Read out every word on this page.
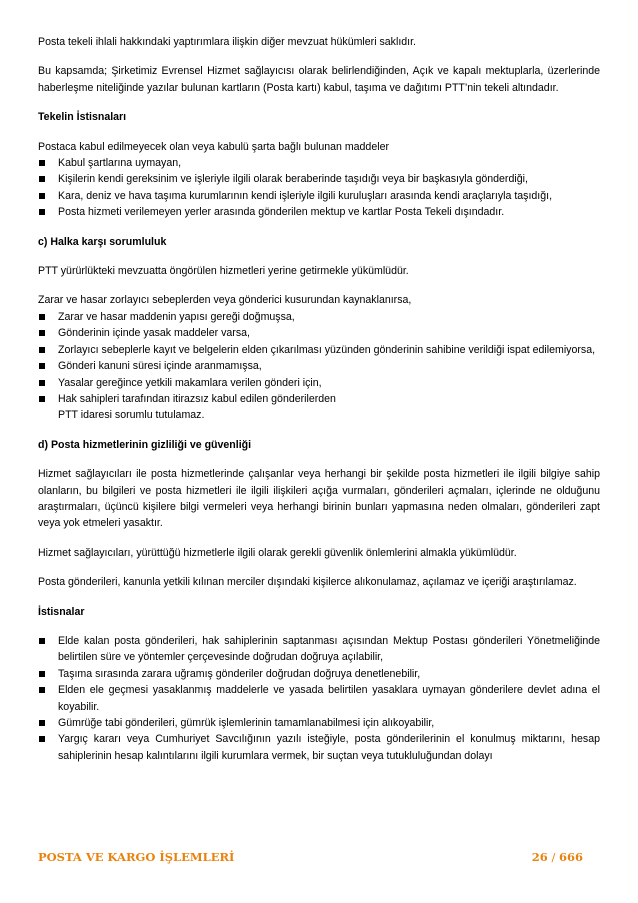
Posta tekeli ihlali hakkındaki yaptırımlara ilişkin diğer mevzuat hükümleri saklıdır.

Bu kapsamda; Şirketimiz Evrensel Hizmet sağlayıcısı olarak belirlendiğinden, Açık ve kapalı mektuplarla, üzerlerinde haberleşme niteliğinde yazılar bulunan kartların (Posta kartı) kabul, taşıma ve dağıtımı PTT’nin tekeli altındadır.

Tekelin İstisnaları

Postaca kabul edilmeyecek olan veya kabulü şarta bağlı bulunan maddeler

Kabul şartlarına uymayan,
Kişilerin kendi gereksinim ve işleriyle ilgili olarak beraberinde taşıdığı veya bir başkasıyla gönderdiği,
Kara, deniz ve hava taşıma kurumlarının kendi işleriyle ilgili kuruluşları arasında kendi araçlarıyla taşıdığı,
Posta hizmeti verilemeyen yerler arasında gönderilen mektup ve kartlar Posta Tekeli dışındadır.

c) Halka karşı sorumluluk

PTT yürürlükteki mevzuatta öngörülen hizmetleri yerine getirmekle yükümlüdür.

Zarar ve hasar zorlayıcı sebeplerden veya gönderici kusurundan kaynaklanırsa,

Zarar ve hasar maddenin yapısı gereği doğmuşsa,
Gönderinin içinde yasak maddeler varsa,
Zorlayıcı sebeplerle kayıt ve belgelerin elden çıkarılması yüzünden gönderinin sahibine verildiği ispat edilemiyorsa,
Gönderi kanuni süresi içinde aranmamışsa,
Yasalar gereğince yetkili makamlara verilen gönderi için,
Hak sahipleri tarafından itirazsız kabul edilen gönderilerden
PTT idaresi sorumlu tutulamaz.

d) Posta hizmetlerinin gizliliği ve güvenliği

Hizmet sağlayıcıları ile posta hizmetlerinde çalışanlar veya herhangi bir şekilde posta hizmetleri ile ilgili bilgiye sahip olanların, bu bilgileri ve posta hizmetleri ile ilgili ilişkileri açığa vurmaları, gönderileri açmaları, içlerinde ne olduğunu araştırmaları, üçüncü kişilere bilgi vermeleri veya herhangi birinin bunları yapmasına neden olmaları, gönderileri zapt veya yok etmeleri yasaktır.

Hizmet sağlayıcıları, yürüttüğü hizmetlerle ilgili olarak gerekli güvenlik önlemlerini almakla yükümlüdür.

Posta gönderileri, kanunla yetkili kılınan merciler dışındaki kişilerce alıkonulamaz, açılamaz ve içeriği araştırılamaz.

İstisnalar

Elde kalan posta gönderileri, hak sahiplerinin saptanması açısından Mektup Postası gönderileri Yönetmeliğinde belirtilen süre ve yöntemler çerçevesinde doğrudan doğruya açılabilir,
Taşıma sırasında zarara uğramış gönderiler doğrudan doğruya denetlenebilir,
Elden ele geçmesi yasaklanmış maddelerle ve yasada belirtilen yasaklara uymayan gönderilere devlet adına el koyabilir.
Gümrüğe tabi gönderileri, gümrük işlemlerinin tamamlanabilmesi için alıkoyabilir,
Yargıç kararı veya Cumhuriyet Savcılığının yazılı isteğiyle, posta gönderilerinin el konulmuş miktarını, hesap sahiplerinin hesap kalıntılarını ilgili kurumlara vermek, bir suçtan veya tutukluluğundan dolayı
POSTA VE KARGO İŞLEMLERİ	26 / 666
